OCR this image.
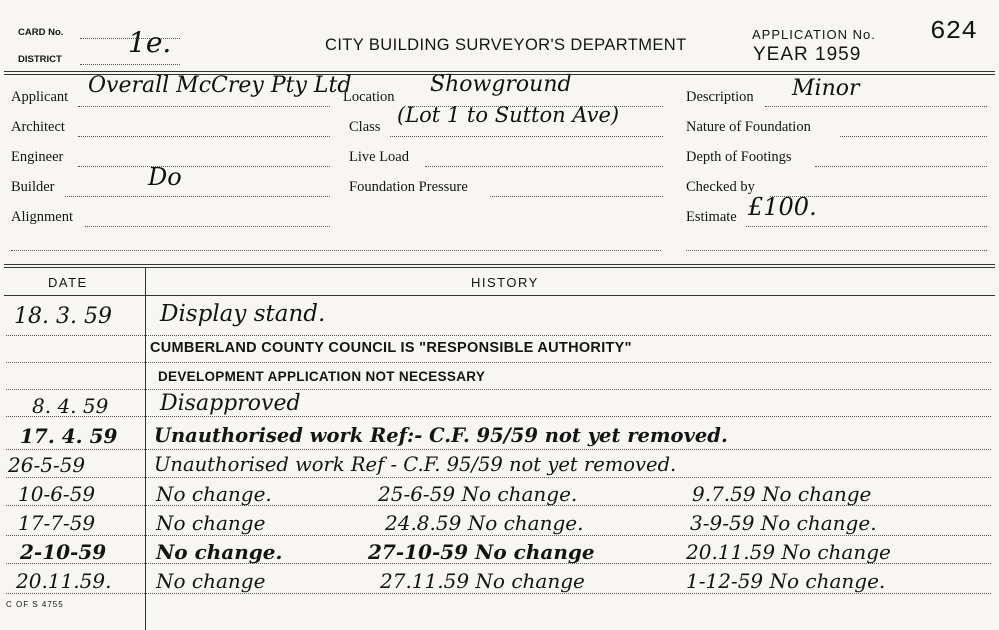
CARD No.
DISTRICT
1e.	CITY BUILDING SURVEYOR'S DEPARTMENT
APPLICATION No. 624
YEAR 1959
Applicant Overall McCrey Pty Ltd
Architect
Engineer
Builder	Do
Alignment
Location Showground
Class (Lot 1 to Sutton Ave)
Live Load
Foundation Pressure
Description Minor
Nature of Foundation
Depth of Footings
Checked by
Estimate £100.
DATE	HISTORY
18. 3. 59 Display stand.
CUMBERLAND COUNTY COUNCIL IS "RESPONSIBLE AUTHORITY"
DEVELOPMENT APPLICATION NOT NECESSARY
8. 4. 59 Disapproved
17. 4. 59 Unauthorised work Ref:- C.F. 95/59 not yet removed.
26-5-59	Unauthorised work Ref - C.F. 95/59 not yet removed.
10-6-59	No change.	25-6-59 No change.	9.7.59 No change
17-7-59	No change	24.8.59 No change.	3-9-59 No change.
2-10-59 No change.	27-10-59 No change	20.11.59 No change
20.11.59. No change	27.11.59 No change	1-12-59 No change.
C OF S 4755
